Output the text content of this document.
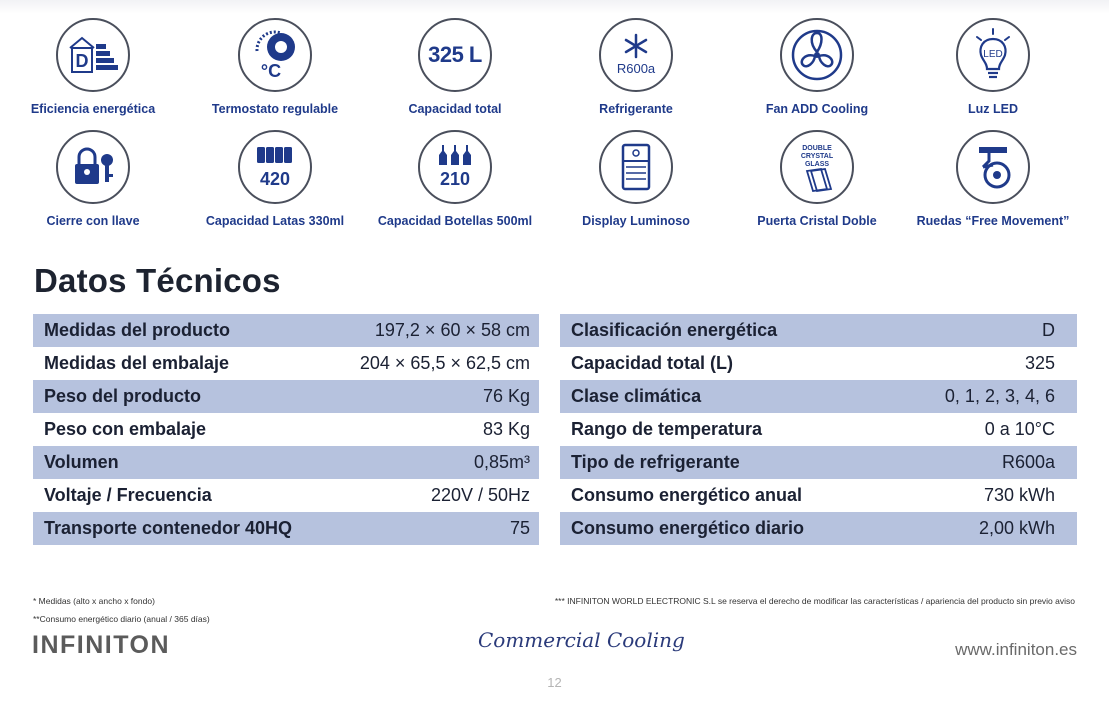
D
Eficiencia energética
°C
Termostato regulable
325 L
Capacidad total
R600a
Refrigerante	Fan ADD Cooling
LED
Luz LED
Cierre con llave
420
Capacidad Latas 330ml
210
Capacidad Botellas 500ml	Display Luminoso
DOUBLE
CRYSTAL
GLASS
Puerta Cristal Doble	Ruedas “Free Movement”
Datos Técnicos
Medidas del producto	197,2 × 60 × 58 cm
Medidas del embalaje	204 × 65,5 × 62,5 cm
Peso del producto	76 Kg
Peso con embalaje	83 Kg
Volumen	0,85m³
Voltaje / Frecuencia	220V / 50Hz
Transporte contenedor 40HQ	75
Clasificación energética	D
Capacidad total (L)	325
Clase climática	0, 1, 2, 3, 4, 6
Rango de temperatura	0 a 10°C
Tipo de refrigerante	R600a
Consumo energético anual	730 kWh
Consumo energético diario	2,00 kWh
* Medidas (alto x ancho x fondo)
**Consumo energético diario (anual / 365 días)
*** INFINITON WORLD ELECTRONIC S.L se reserva el derecho de modificar las características / apariencia del producto sin previo aviso
INFINITON	Commercial Cooling	www.infiniton.es
12
